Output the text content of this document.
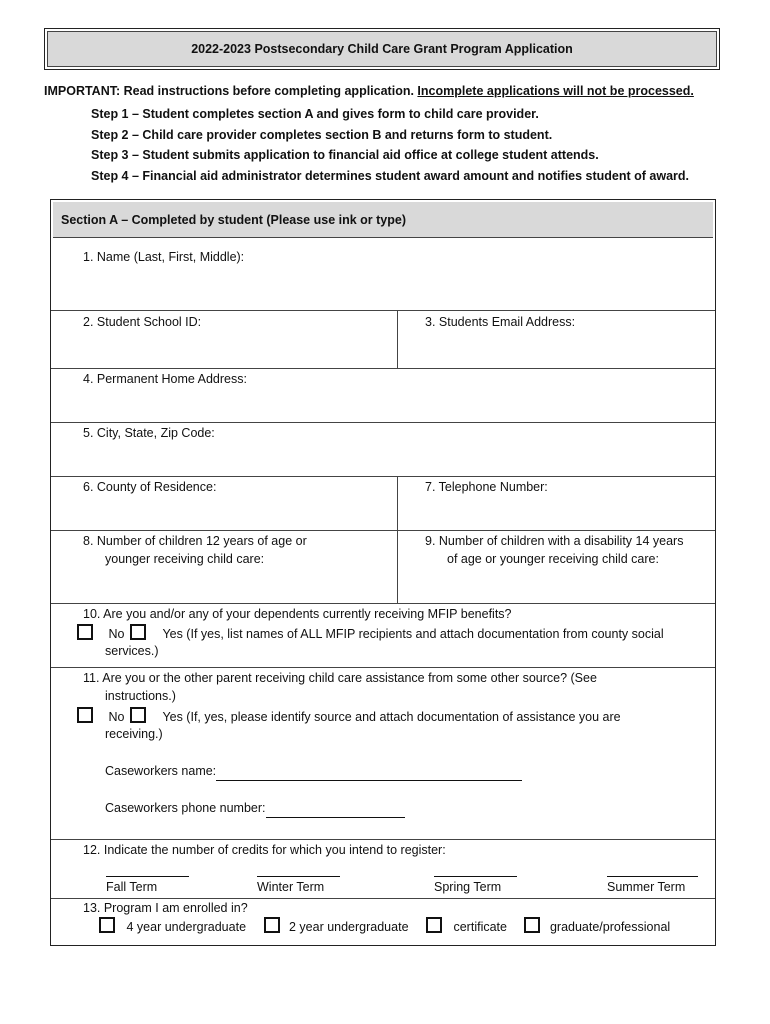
2022-2023 Postsecondary Child Care Grant Program Application
IMPORTANT: Read instructions before completing application. Incomplete applications will not be processed.
Step 1 – Student completes section A and gives form to child care provider.
Step 2 – Child care provider completes section B and returns form to student.
Step 3 – Student submits application to financial aid office at college student attends.
Step 4 – Financial aid administrator determines student award amount and notifies student of award.
Section A – Completed by student (Please use ink or type)
1. Name (Last, First, Middle):
2. Student School ID:	3. Students Email Address:
4. Permanent Home Address:
5. City, State, Zip Code:
6. County of Residence:	7. Telephone Number:
8. Number of children 12 years of age or
younger receiving child care:
9. Number of children with a disability 14 years
of age or younger receiving child care:
10. Are you and/or any of your dependents currently receiving MFIP benefits?
No	Yes (If yes, list names of ALL MFIP recipients and attach documentation from county social
services.)
11. Are you or the other parent receiving child care assistance from some other source? (See
instructions.)
No	Yes (If, yes, please identify source and attach documentation of assistance you are
receiving.)
Caseworkers name:
Caseworkers phone number:
12. Indicate the number of credits for which you intend to register:
Fall Term	Winter Term	Spring Term	Summer Term
13. Program I am enrolled in?
4 year undergraduate	2 year undergraduate	certificate	graduate/professional
